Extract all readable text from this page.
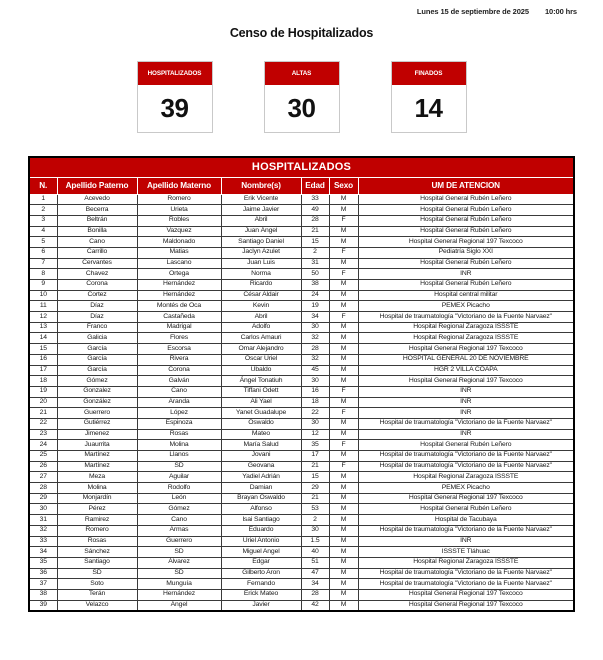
Lunes 15 de septiembre de 2025 10:00 hrs
Censo de Hospitalizados
HOSPITALIZADOS
39
ALTAS
30
FINADOS
14
HOSPITALIZADOS						
N.	Apellido Paterno	Apellido Materno	Nombre(s)	Edad	Sexo	UM DE ATENCION
1	Acevedo	Romero	Erik Vicente	33	M	Hospital General Rubén Leñero
2	Becerra	Urieta	Jaime Javier	49	M	Hospital General Rubén Leñero
3	Beltrán	Robles	Abril	28	F	Hospital General Rubén Leñero
4	Bonilla	Vazquez	Juan Ángel	21	M	Hospital General Rubén Leñero
5	Cano	Maldonado	Santiago Daniel	15	M	Hospital General Regional 197 Texcoco
6	Carrillo	Matias	Jaclyn Azulet	2	F	Pediatría Siglo XXI
7	Cervantes	Lascano	Juan Luis	31	M	Hospital General Rubén Leñero
8	Chavez	Ortega	Norma	50	F	INR
9	Corona	Hernández	Ricardo	38	M	Hospital General Rubén Leñero
10	Cortez	Hernández	César Aldair	24	M	Hospital central militar
11	Díaz	Montés de Oca	Kevin	19	M	PEMEX Picacho
12	Díaz	Castañeda	Abril	34	F	Hospital de traumatología "Victoriano de la Fuente Narvaez"
13	Franco	Madrigal	Adolfo	30	M	Hospital Regional Zaragoza ISSSTE
14	Galicia	Flores	Carlos Amauri	32	M	Hospital Regional Zaragoza ISSSTE
15	García	Escorsa	Omar Alejandro	28	M	Hospital General Regional 197 Texcoco
16	García	Rivera	Oscar Uriel	32	M	HOSPITAL GENERAL 20 DE NOVIEMBRE
17	García	Corona	Ubaldo	45	M	HGR 2 VILLA COAPA
18	Gómez	Galván	Ángel Tonatiuh	30	M	Hospital General Regional 197 Texcoco
19	Gonzalez	Cano	Tiffani Odett	16	F	INR
20	González	Aranda	Ali Yael	18	M	INR
21	Guerrero	López	Yanet Guadalupe	22	F	INR
22	Gutiérrez	Espinoza	Oswaldo	30	M	Hospital de traumatología "Victoriano de la Fuente Narvaez"
23	Jimenez	Rosas	Mateo	12	M	INR
24	Juaurrita	Molina	María Salud	35	F	Hospital General Rubén Leñero
25	Martínez	Llanos	Jovani	17	M	Hospital de traumatología "Victoriano de la Fuente Narvaez"
26	Martínez	SD	Geovana	21	F	Hospital de traumatología "Victoriano de la Fuente Narvaez"
27	Meza	Aguilar	Yadiel Adrián	15	M	Hospital Regional Zaragoza ISSSTE
28	Molina	Rodolfo	Damian	29	M	PEMEX Picacho
29	Monjardín	León	Brayan Oswaldo	21	M	Hospital General Regional 197 Texcoco
30	Pérez	Gómez	Alfonso	53	M	Hospital General Rubén Leñero
31	Ramirez	Cano	Isai Santiago	2	M	Hospital de Tacubaya
32	Romero	Armas	Eduardo	30	M	Hospital de traumatología "Victoriano de la Fuente Narvaez"
33	Rosas	Guerrero	Uriel Antonio	1.5	M	INR
34	Sánchez	SD	Miguel Angel	40	M	ISSSTE Tláhuac
35	Santiago	Álvarez	Edgar	51	M	Hospital Regional Zaragoza ISSSTE
36	SD	SD	Gilberto Aron	47	M	Hospital de traumatología "Victoriano de la Fuente Narvaez"
37	Soto	Munguía	Fernando	34	M	Hospital de traumatología "Victoriano de la Fuente Narvaez"
38	Terán	Hernández	Erick Mateo	28	M	Hospital General Regional 197 Texcoco
39	Velazco	Ángel	Javier	42	M	Hospital General Regional 197 Texcoco
